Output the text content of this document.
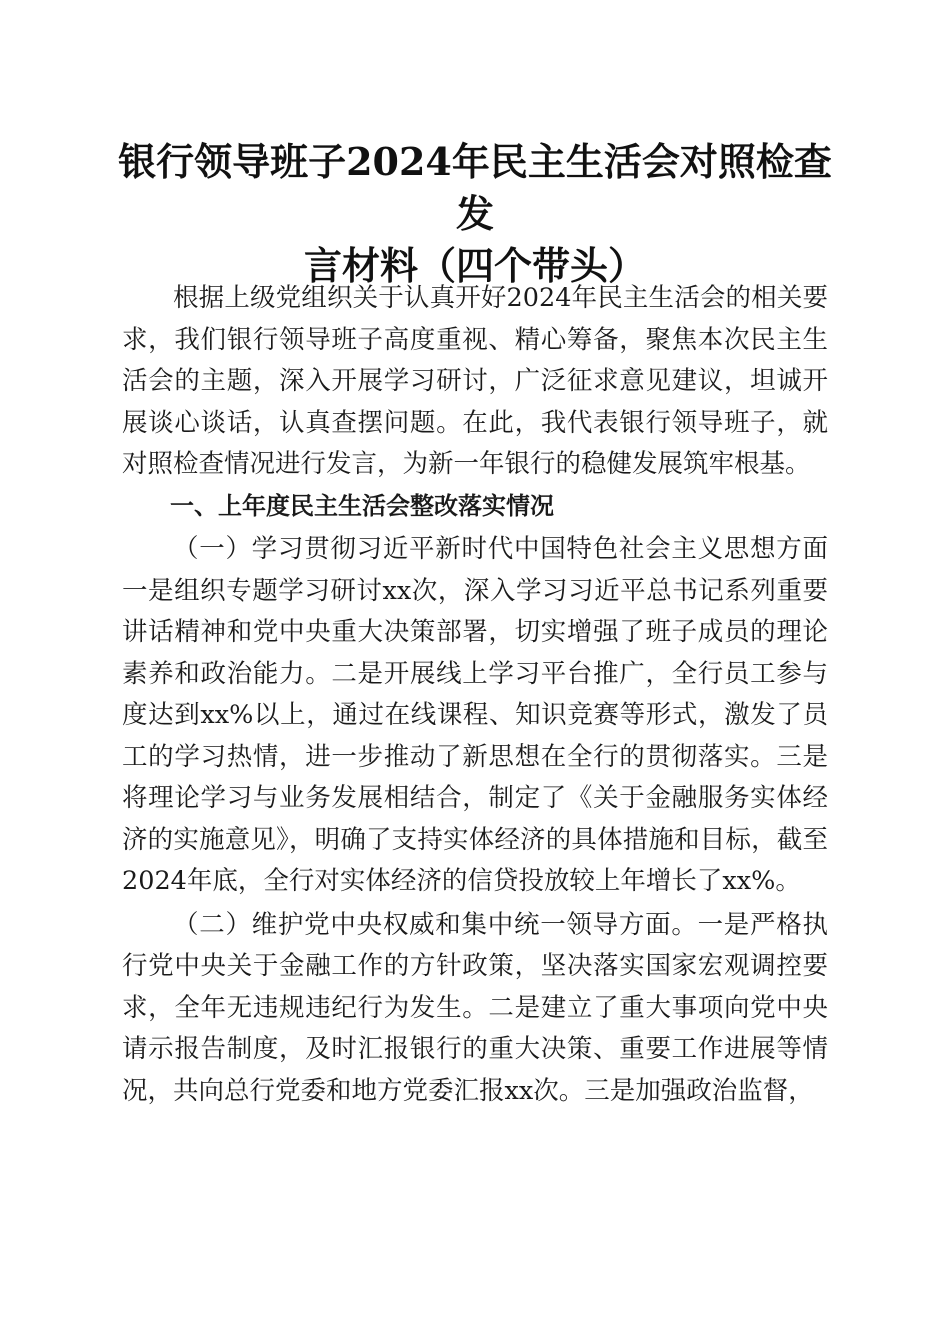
银行领导班子2024年民主生活会对照检查发
言材料（四个带头）

根据上级党组织关于认真开好2024年民主生活会的相关要求，我们银行领导班子高度重视、精心筹备，聚焦本次民主生活会的主题，深入开展学习研讨，广泛征求意见建议，坦诚开展谈心谈话，认真查摆问题。在此，我代表银行领导班子，就对照检查情况进行发言，为新一年银行的稳健发展筑牢根基。

一、上年度民主生活会整改落实情况

（一）学习贯彻习近平新时代中国特色社会主义思想方面一是组织专题学习研讨xx次，深入学习习近平总书记系列重要讲话精神和党中央重大决策部署，切实增强了班子成员的理论素养和政治能力。二是开展线上学习平台推广，全行员工参与度达到xx%以上，通过在线课程、知识竞赛等形式，激发了员工的学习热情，进一步推动了新思想在全行的贯彻落实。三是将理论学习与业务发展相结合，制定了《关于金融服务实体经济的实施意见》，明确了支持实体经济的具体措施和目标，截至2024年底，全行对实体经济的信贷投放较上年增长了xx%。

（二）维护党中央权威和集中统一领导方面。一是严格执行党中央关于金融工作的方针政策，坚决落实国家宏观调控要求，全年无违规违纪行为发生。二是建立了重大事项向党中央请示报告制度，及时汇报银行的重大决策、重要工作进展等情况，共向总行党委和地方党委汇报xx次。三是加强政治监督，
